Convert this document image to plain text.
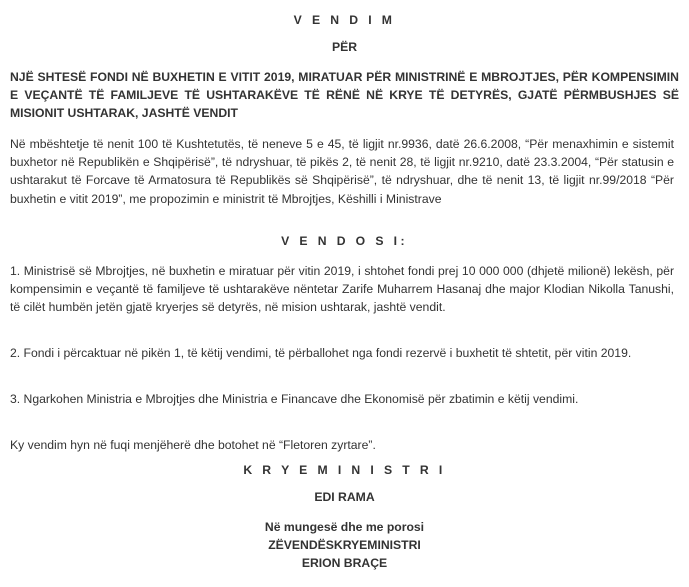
V E N D I M

PËR

NJË SHTESË FONDI NË BUXHETIN E VITIT 2019, MIRATUAR PËR MINISTRINË E MBROJTJES, PËR KOMPENSIMIN E VEÇANTË TË FAMILJEVE TË USHTARAKËVE TË RËNË NË KRYE TË DETYRËS, GJATË PËRMBUSHJES SË MISIONIT USHTARAK, JASHTË VENDIT

Në mbështetje të nenit 100 të Kushtetutës, të neneve 5 e 45, të ligjit nr.9936, datë 26.6.2008, “Për menaxhimin e sistemit buxhetor në Republikën e Shqipërisë”, të ndryshuar, të pikës 2, të nenit 28, të ligjit nr.9210, datë 23.3.2004, “Për statusin e ushtarakut të Forcave të Armatosura të Republikës së Shqipërisë”, të ndryshuar, dhe të nenit 13, të ligjit nr.99/2018 “Për buxhetin e vitit 2019”, me propozimin e ministrit të Mbrojtjes, Këshilli i Ministrave

V E N D O S I:

1. Ministrisë së Mbrojtjes, në buxhetin e miratuar për vitin 2019, i shtohet fondi prej 10 000 000 (dhjetë milionë) lekësh, për kompensimin e veçantë të familjeve të ushtarakëve nëntetar Zarife Muharrem Hasanaj dhe major Klodian Nikolla Tanushi, të cilët humbën jetën gjatë kryerjes së detyrës, në mision ushtarak, jashtë vendit.

2. Fondi i përcaktuar në pikën 1, të këtij vendimi, të përballohet nga fondi rezervë i buxhetit të shtetit, për vitin 2019.

3. Ngarkohen Ministria e Mbrojtjes dhe Ministria e Financave dhe Ekonomisë për zbatimin e këtij vendimi.

Ky vendim hyn në fuqi menjëherë dhe botohet në “Fletoren zyrtare”.

K R Y E M I N I S T R I

EDI RAMA

Në mungesë dhe me porosi
ZËVENDËSKRYEMINISTRI
ERION BRAÇE
